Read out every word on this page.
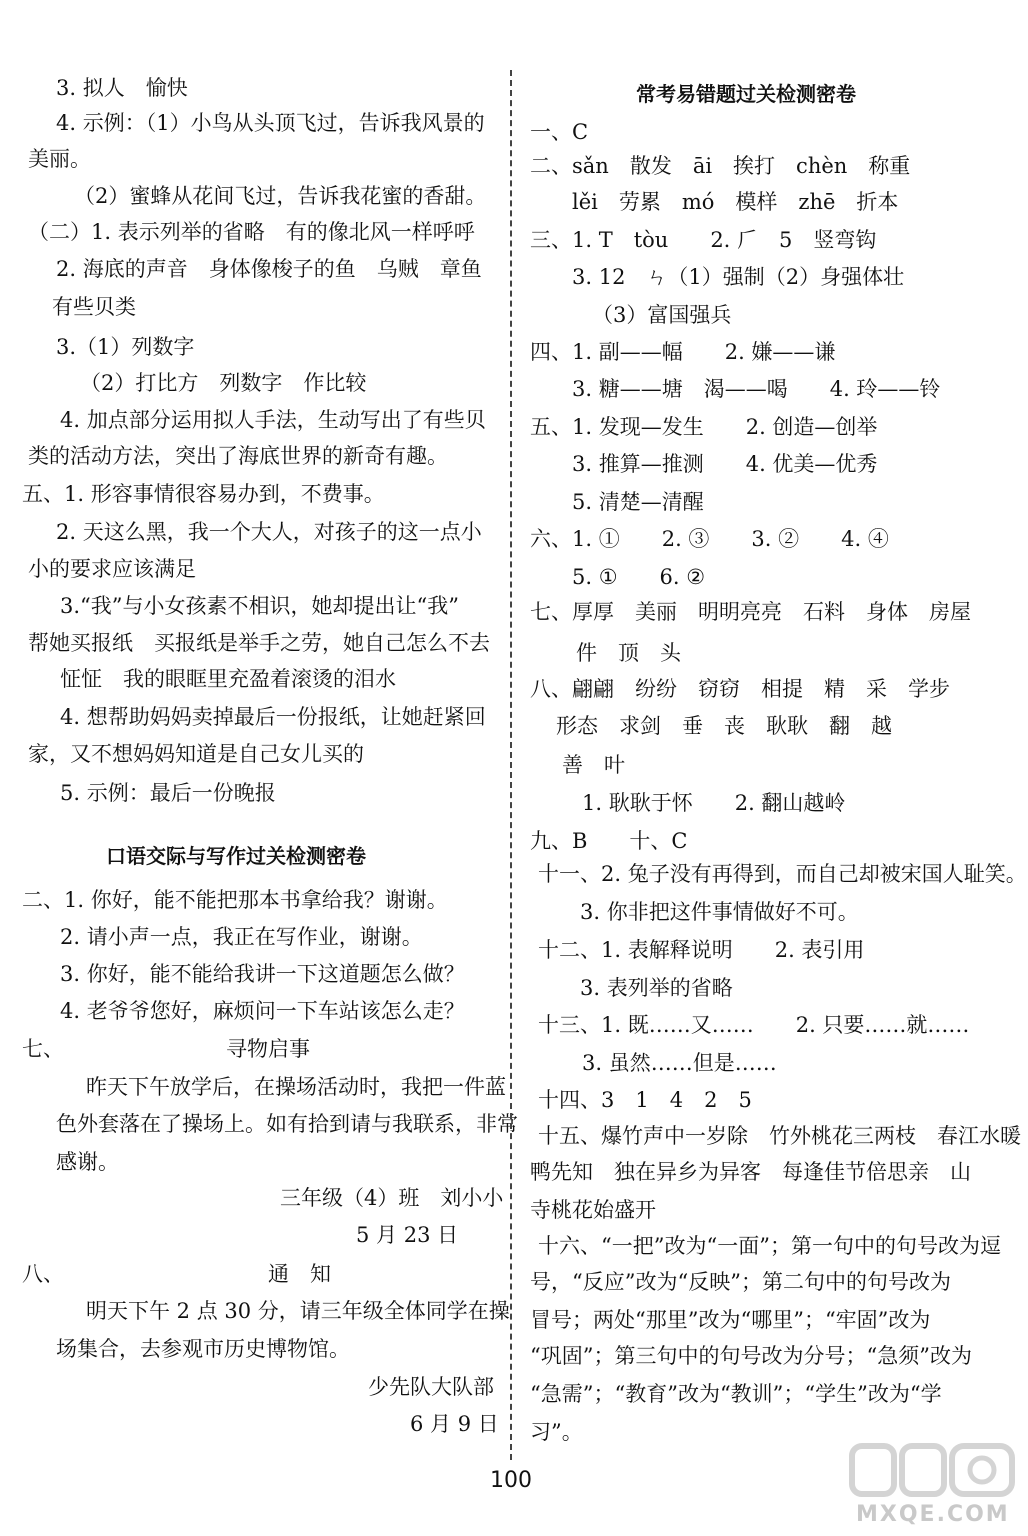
3. 拟人　愉快
4. 示例：（1）小鸟从头顶飞过，告诉我风景的
美丽。
（2）蜜蜂从花间飞过，告诉我花蜜的香甜。
（二）1. 表示列举的省略　有的像北风一样呼呼
2. 海底的声音　身体像梭子的鱼　乌贼　章鱼
有些贝类
3.（1）列数字
（2）打比方　列数字　作比较
4. 加点部分运用拟人手法，生动写出了有些贝
类的活动方法，突出了海底世界的新奇有趣。
五、1. 形容事情很容易办到，不费事。
2. 天这么黑，我一个大人，对孩子的这一点小
小的要求应该满足
3.“我”与小女孩素不相识，她却提出让“我”
帮她买报纸　买报纸是举手之劳，她自己怎么不去
怔怔　我的眼眶里充盈着滚烫的泪水
4. 想帮助妈妈卖掉最后一份报纸，让她赶紧回
家，又不想妈妈知道是自己女儿买的
5. 示例：最后一份晚报
口语交际与写作过关检测密卷
二、1. 你好，能不能把那本书拿给我？谢谢。
2. 请小声一点，我正在写作业，谢谢。
3. 你好，能不能给我讲一下这道题怎么做？
4. 老爷爷您好，麻烦问一下车站该怎么走？
七、	寻物启事
昨天下午放学后，在操场活动时，我把一件蓝
色外套落在了操场上。如有拾到请与我联系，非常
感谢。
三年级（4）班　刘小小
5 月 23 日
八、	通　知
明天下午 2 点 30 分，请三年级全体同学在操
场集合，去参观市历史博物馆。
少先队大队部
6 月 9 日
常考易错题过关检测密卷
一、C
二、sǎn　散发　āi　挨打　chèn　称重
lěi　劳累　mó　模样　zhē　折本
三、1. T　tòu　　2. 𠂆　5　竖弯钩
3. 12　ㄣ（1）强制（2）身强体壮
（3）富国强兵
四、1. 副——幅　　2. 嫌——谦
3. 糖——塘　渴——喝　　4. 玲——铃
五、1. 发现—发生　　2. 创造—创举
3. 推算—推测　　4. 优美—优秀
5. 清楚—清醒
六、1. ①　　2. ③　　3. ②　　4. ④
5. ①　　6. ②
七、厚厚　美丽　明明亮亮　石料　身体　房屋
件　顶　头
八、翩翩　纷纷　窃窃　相提　精　采　学步
形态　求剑　垂　丧　耿耿　翻　越
善　叶
1. 耿耿于怀　　2. 翻山越岭
九、B　　十、C
十一、2. 兔子没有再得到，而自己却被宋国人耻笑。
3. 你非把这件事情做好不可。
十二、1. 表解释说明　　2. 表引用
3. 表列举的省略
十三、1. 既……又……　　2. 只要……就……
3. 虽然……但是……
十四、3　1　4　2　5
十五、爆竹声中一岁除　竹外桃花三两枝　春江水暖
鸭先知　独在异乡为异客　每逢佳节倍思亲　山
寺桃花始盛开
十六、“一把”改为“一面”；第一句中的句号改为逗
号，“反应”改为“反映”；第二句中的句号改为
冒号；两处“那里”改为“哪里”；“牢固”改为
“巩固”；第三句中的句号改为分号；“急须”改为
“急需”；“教育”改为“教训”；“学生”改为“学
习”。
100
MXQE.COM
